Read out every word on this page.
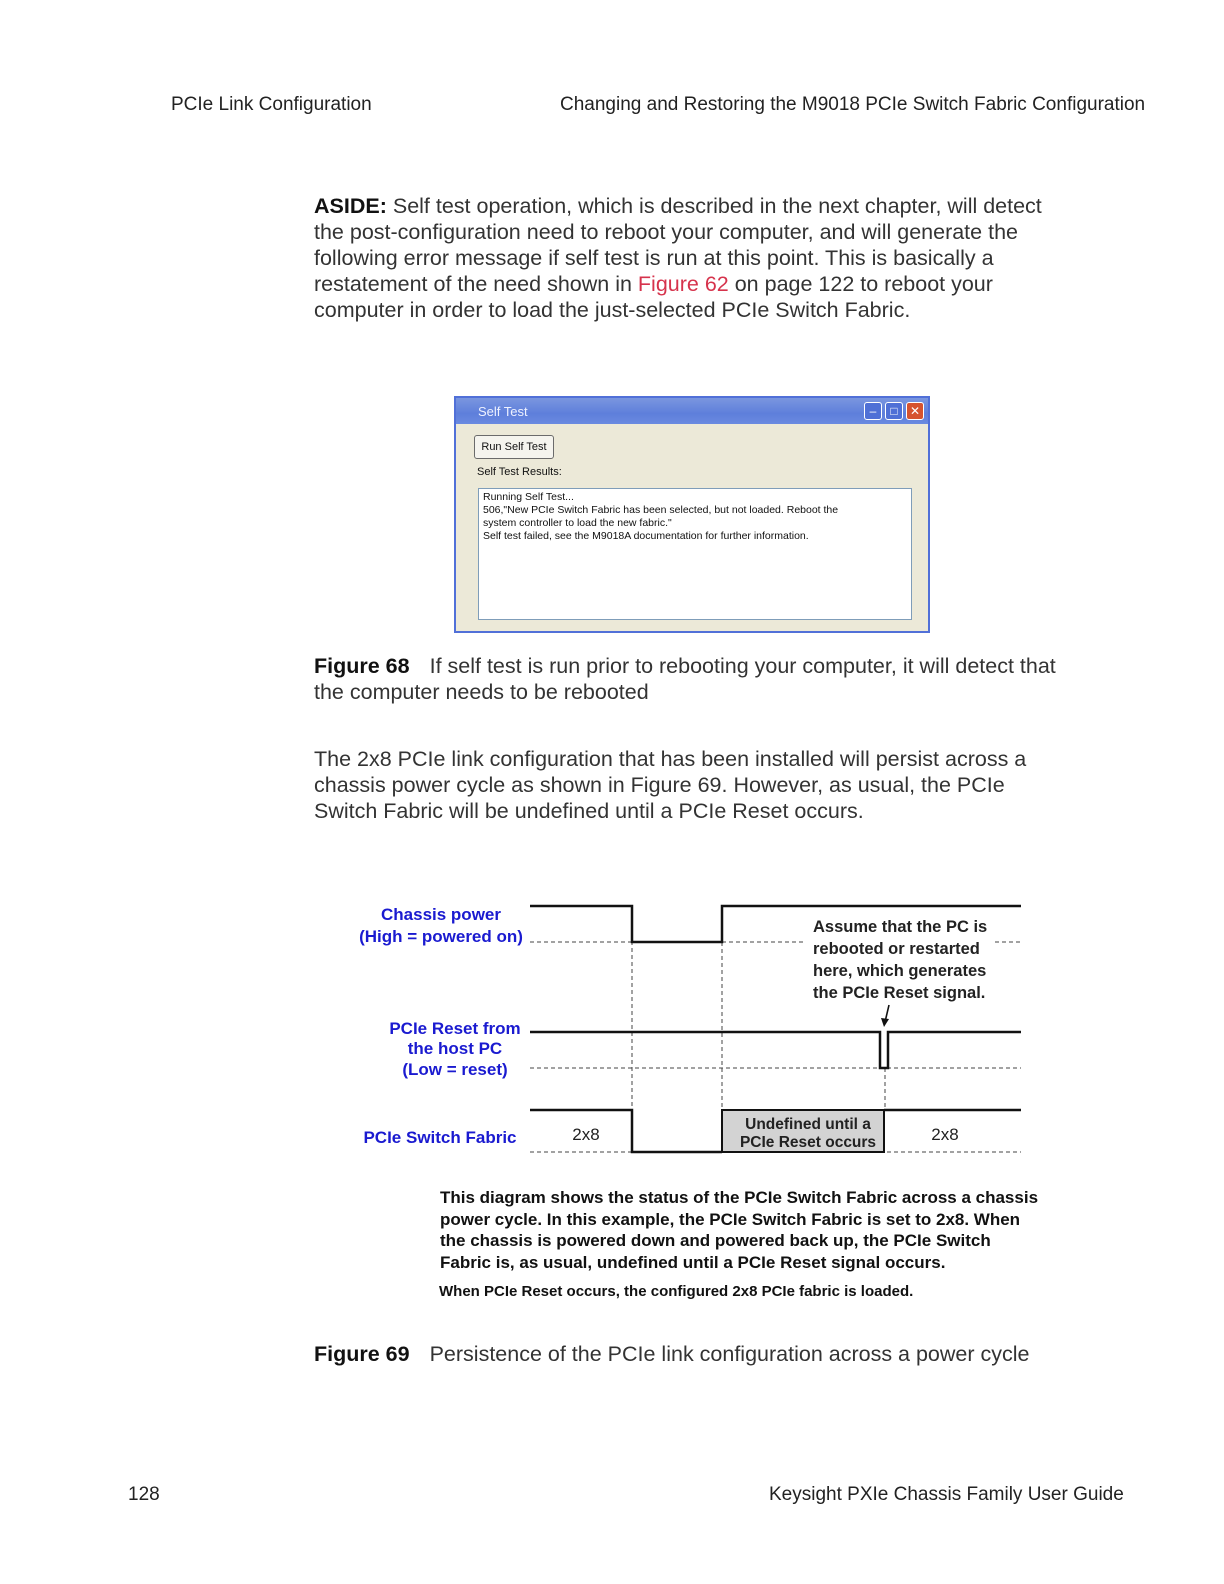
PCIe Link Configuration	Changing and Restoring the M9018 PCIe Switch Fabric Configuration
ASIDE: Self test operation, which is described in the next chapter, will detect the post-configuration need to reboot your computer, and will generate the following error message if self test is run at this point. This is basically a restatement of the need shown in Figure 62 on page 122 to reboot your computer in order to load the just-selected PCIe Switch Fabric.
Self Test	–	□	✕
Run Self Test
Self Test Results:
Running Self Test...
506,"New PCIe Switch Fabric has been selected, but not loaded. Reboot the
system controller to load the new fabric."
Self test failed, see the M9018A documentation for further information.
Figure 68 If self test is run prior to rebooting your computer, it will detect that the computer needs to be rebooted
The 2x8 PCIe link configuration that has been installed will persist across a chassis power cycle as shown in Figure 69. However, as usual, the PCIe Switch Fabric will be undefined until a PCIe Reset occurs.
Chassis power
(High = powered on)
PCIe Reset from
the host PC
(Low = reset)
PCIe Switch Fabric	2x8
Undefined until a
PCIe Reset occurs	2x8
Assume that the PC is
rebooted or restarted
here, which generates
the PCIe Reset signal.
This diagram shows the status of the PCIe Switch Fabric across a chassis power cycle. In this example, the PCIe Switch Fabric is set to 2x8. When the chassis is powered down and powered back up, the PCIe Switch Fabric is, as usual, undefined until a PCIe Reset signal occurs.
When PCIe Reset occurs, the configured 2x8 PCIe fabric is loaded.
Figure 69 Persistence of the PCIe link configuration across a power cycle
128	Keysight PXIe Chassis Family User Guide
